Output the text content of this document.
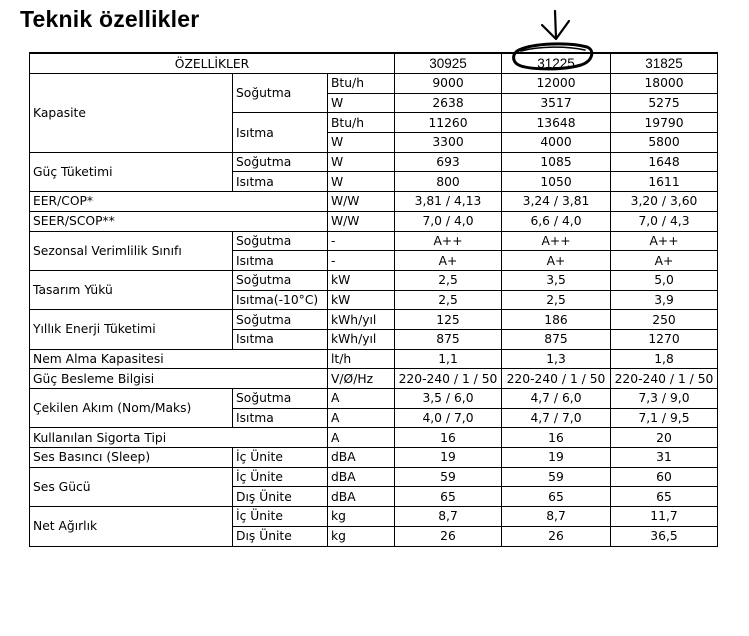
Teknik özellikler
ÖZELLİKLER			30925	31225	31825
Kapasite	Soğutma	Btu/h	9000	12000	18000
		W	2638	3517	5275
	Isıtma	Btu/h	11260	13648	19790
		W	3300	4000	5800
Güç Tüketimi	Soğutma	W	693	1085	1648
	Isıtma	W	800	1050	1611
EER/COP*		W/W	3,81 / 4,13	3,24 / 3,81	3,20 / 3,60
SEER/SCOP**		W/W	7,0 / 4,0	6,6 / 4,0	7,0 / 4,3
Sezonsal Verimlilik Sınıfı	Soğutma	-	A++	A++	A++
	Isıtma	-	A+	A+	A+
Tasarım Yükü	Soğutma	kW	2,5	3,5	5,0
	Isıtma(-10°C)	kW	2,5	2,5	3,9
Yıllık Enerji Tüketimi	Soğutma	kWh/yıl	125	186	250
	Isıtma	kWh/yıl	875	875	1270
Nem Alma Kapasitesi		lt/h	1,1	1,3	1,8
Güç Besleme Bilgisi		V/Ø/Hz	220-240 / 1 / 50	220-240 / 1 / 50	220-240 / 1 / 50
Çekilen Akım (Nom/Maks)	Soğutma	A	3,5 / 6,0	4,7 / 6,0	7,3 / 9,0
	Isıtma	A	4,0 / 7,0	4,7 / 7,0	7,1 / 9,5
Kullanılan Sigorta Tipi		A	16	16	20
Ses Basıncı (Sleep)	İç Ünite	dBA	19	19	31
Ses Gücü	İç Ünite	dBA	59	59	60
	Dış Ünite	dBA	65	65	65
Net Ağırlık	İç Ünite	kg	8,7	8,7	11,7
	Dış Ünite	kg	26	26	36,5
